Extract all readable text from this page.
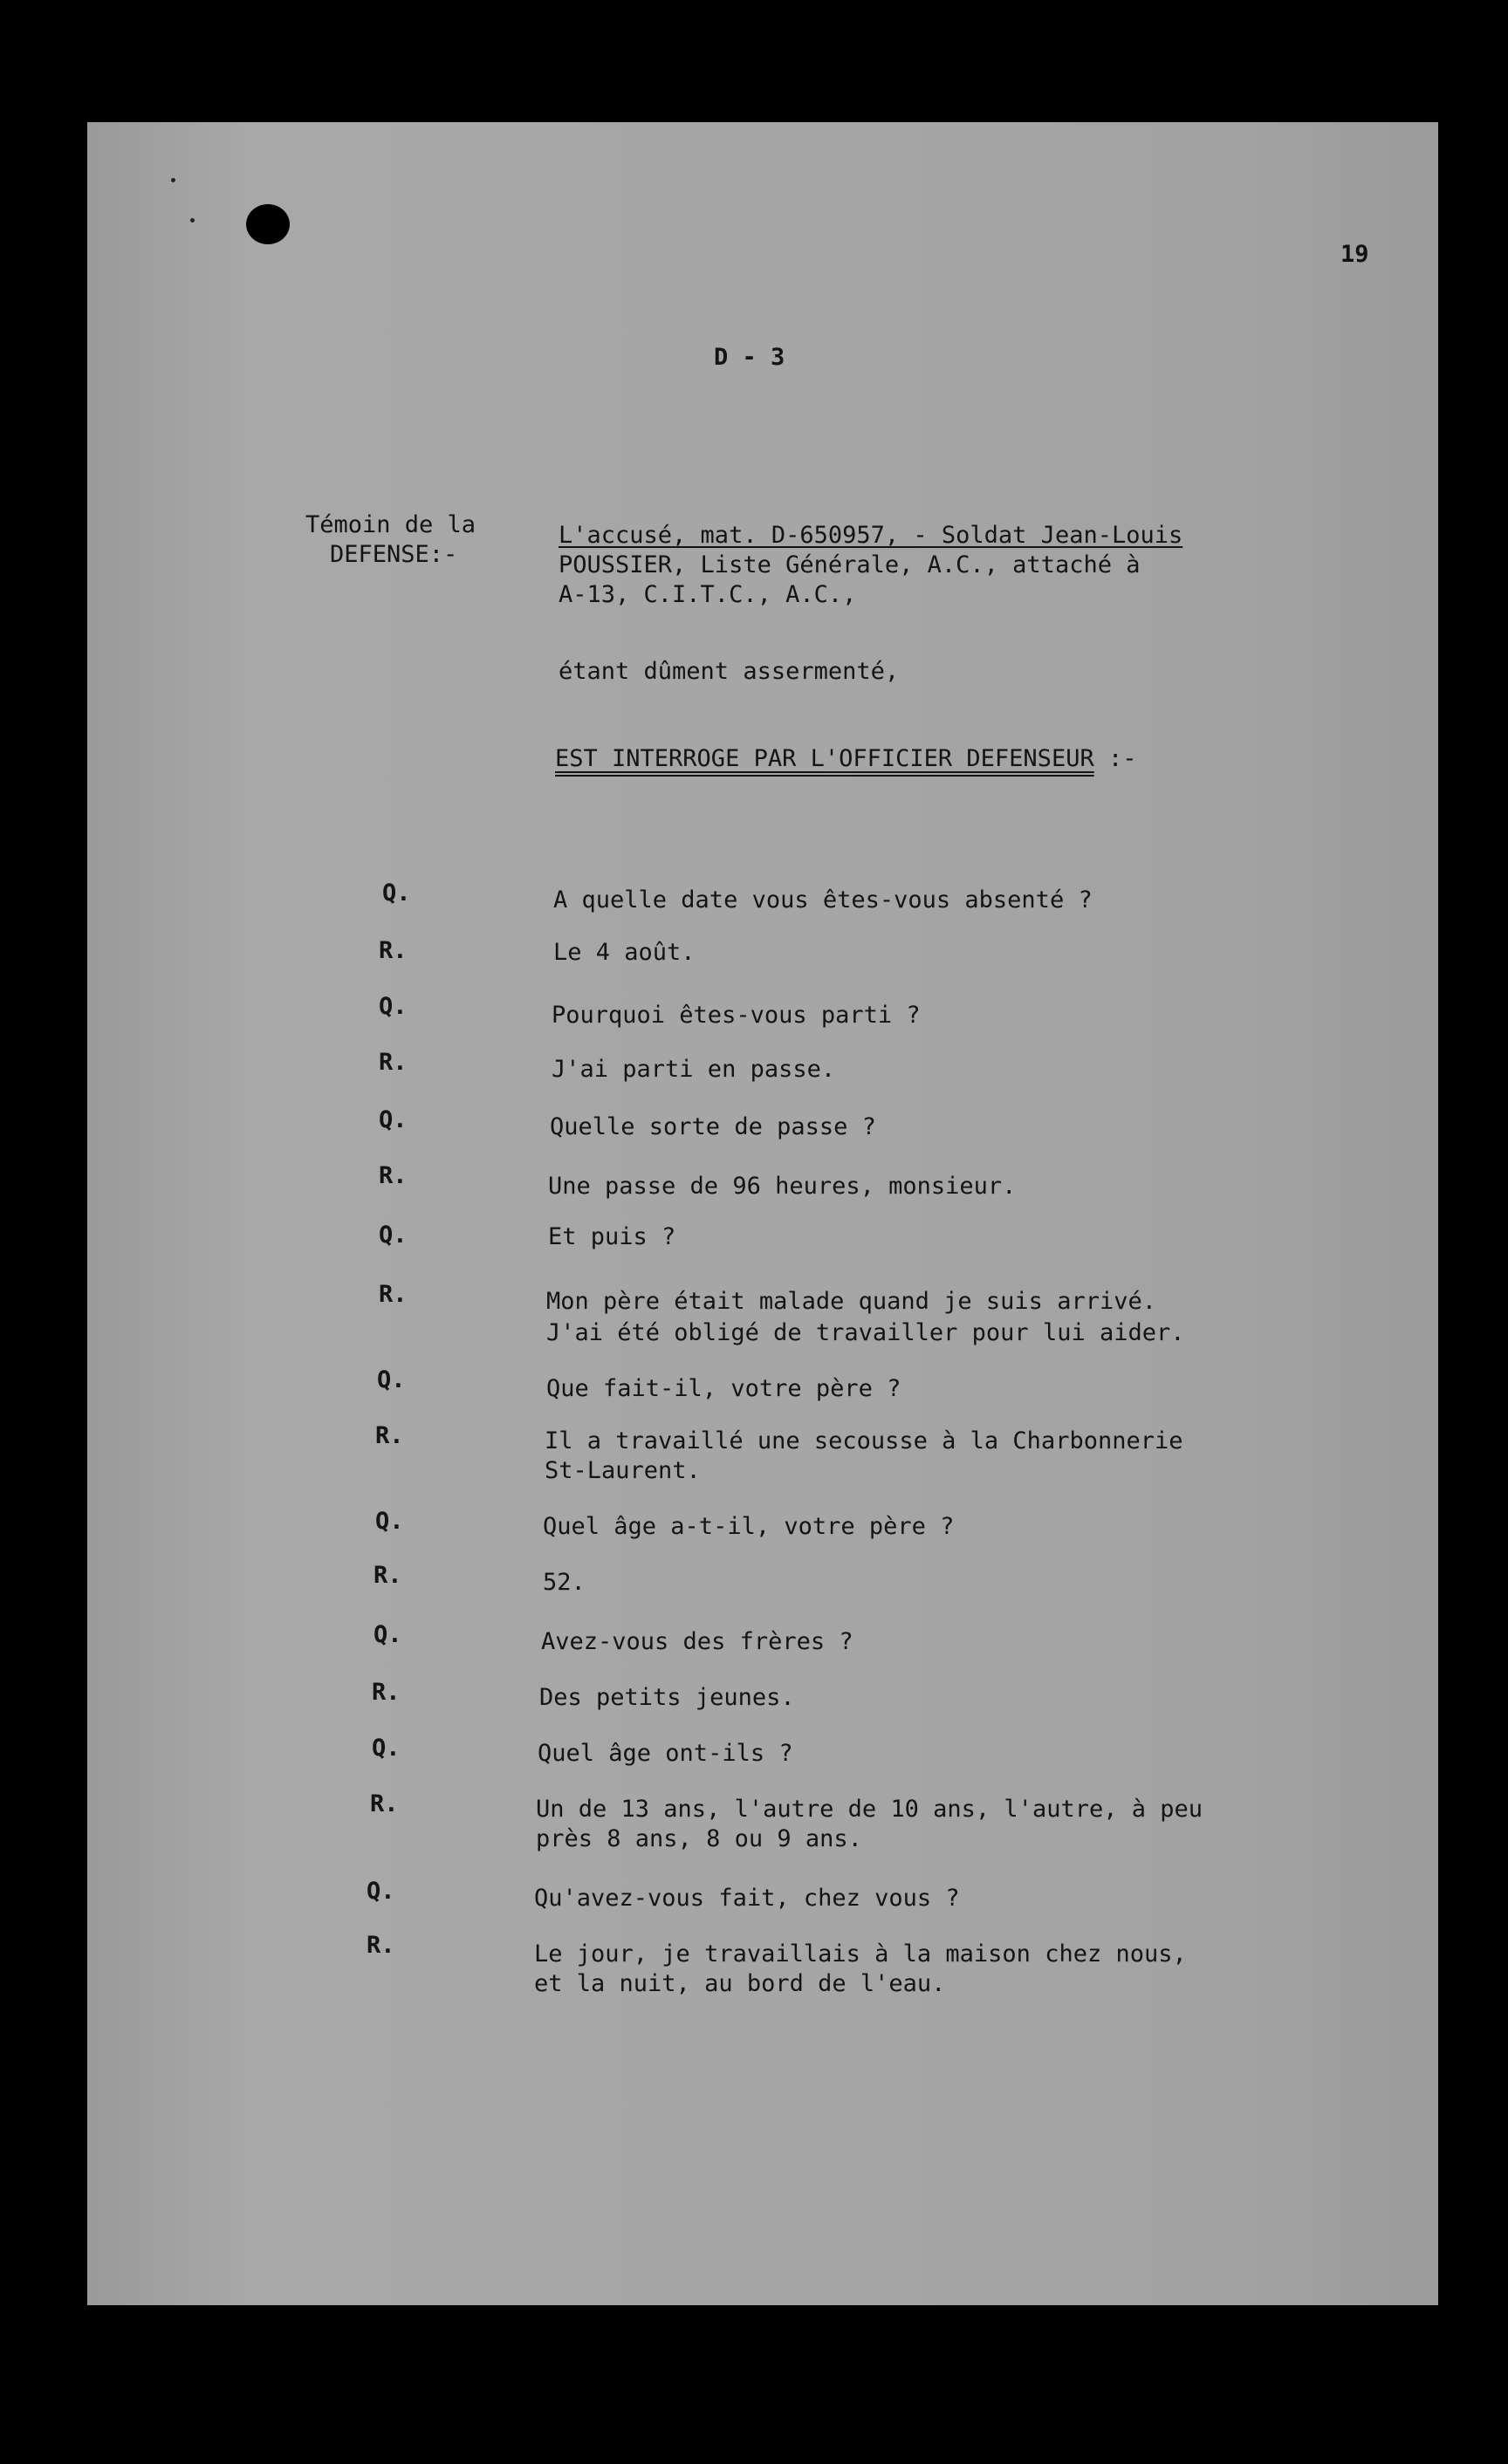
19
D - 3
Témoin de la
DEFENSE:-
L'accusé, mat. D-650957, - Soldat Jean-Louis
POUSSIER, Liste Générale, A.C., attaché à
A-13, C.I.T.C., A.C.,
étant dûment assermenté,
EST INTERROGE PAR L'OFFICIER DEFENSEUR :-
Q.	A quelle date vous êtes-vous absenté ?
R.	Le 4 août.
Q.	Pourquoi êtes-vous parti ?
R.	J'ai parti en passe.
Q.	Quelle sorte de passe ?
R.	Une passe de 96 heures, monsieur.
Q.	Et puis ?
R.	Mon père était malade quand je suis arrivé.
J'ai été obligé de travailler pour lui aider.
Q.	Que fait-il, votre père ?
R.	Il a travaillé une secousse à la Charbonnerie
St-Laurent.
Q.	Quel âge a-t-il, votre père ?
R.	52.
Q.	Avez-vous des frères ?
R.	Des petits jeunes.
Q.	Quel âge ont-ils ?
R.	Un de 13 ans, l'autre de 10 ans, l'autre, à peu
près 8 ans, 8 ou 9 ans.
Q.	Qu'avez-vous fait, chez vous ?
R.	Le jour, je travaillais à la maison chez nous,
et la nuit, au bord de l'eau.
